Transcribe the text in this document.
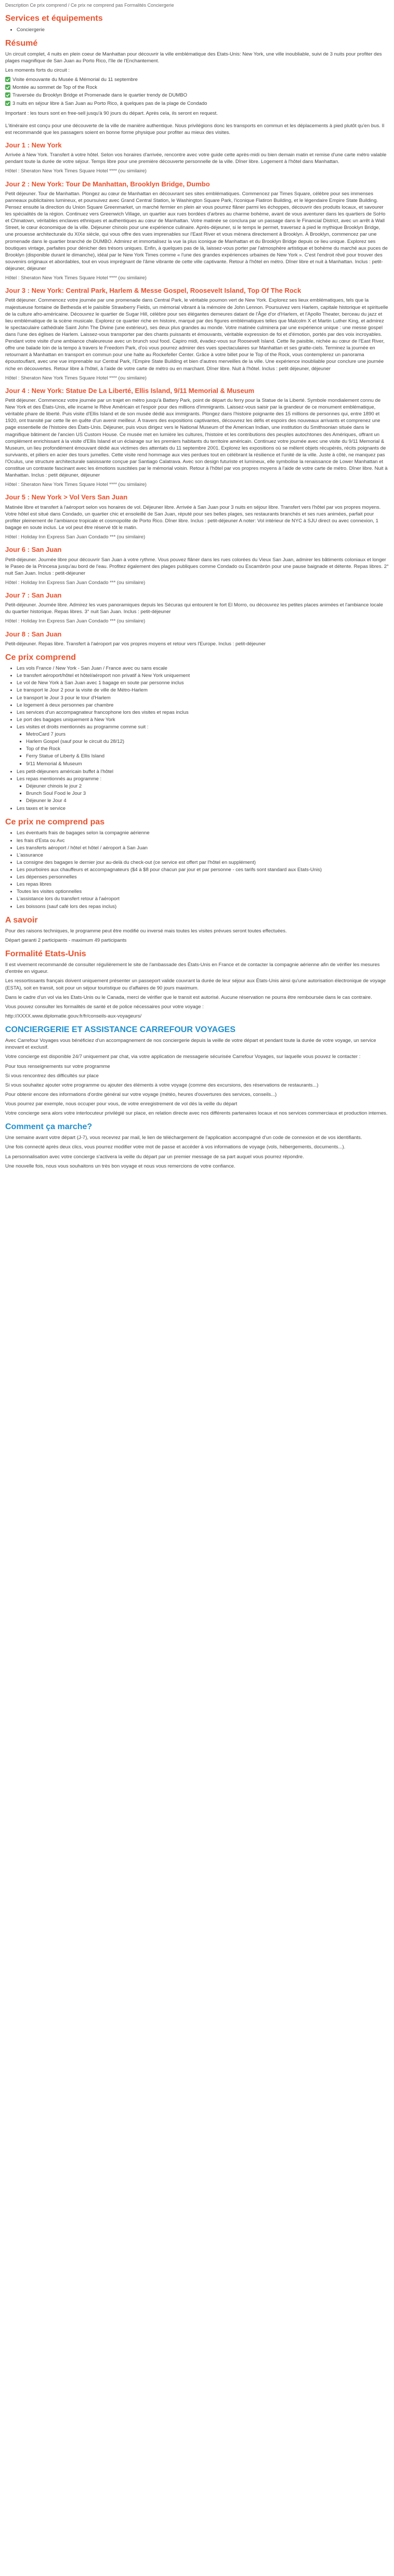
Description Ce prix comprend / Ce prix ne comprend pas Formalités Conciergerie

Services et équipements
• Conciergerie
Résumé

Un circuit complet, 4 nuits en plein coeur de Manhattan pour découvrir la ville emblématique des Etats-Unis: New York, une ville inoubliable, suivi de 3 nuits pour profiter des plages magnifique de San Juan au Porto Rico, l'île de l'Enchantement.

Les moments forts du circuit :

Visite émouvante du Musée & Mémorial du 11 septembre
Montée au sommet de Top of the Rock
Traversée du Brooklyn Bridge et Promenade dans le quartier trendy de DUMBO
3 nuits en séjour libre à San Juan au Porto Rico, à quelques pas de la plage de Condado

Important : les tours sont en free-sell jusqu'à 90 jours du départ. Après cela, ils seront en request.

L'itinéraire est conçu pour une découverte de la ville de manière authentique. Nous privilégions donc les transports en commun et les déplacements à pied plutôt qu'en bus. Il est recommandé que les passagers soient en bonne forme physique pour profiter au mieux des visites.

Jour 1 : New York

Arrivée à New York. Transfert à votre hôtel. Selon vos horaires d'arrivée, rencontre avec votre guide cette après-midi ou bien demain matin et remise d'une carte métro valable pendant toute la durée de votre séjour. Temps libre pour une première découverte personnelle de la ville. Dîner libre. Logement à l'hôtel dans Manhattan.

Hôtel : Sheraton New York Times Square Hotel **** (ou similaire)

Jour 2 : New York: Tour De Manhattan, Brooklyn Bridge, Dumbo

Petit déjeuner. Tour de Manhattan. Plongez au cœur de Manhattan en découvrant ses sites emblématiques. Commencez par Times Square, célèbre pour ses immenses panneaux publicitaires lumineux, et poursuivez avec Grand Central Station, le Washington Square Park, l'iconique Flatiron Building, et le légendaire Empire State Building. Pensez ensuite la direction du Union Square Greenmarket, un marché fermier en plein air vous pourrez flâner parmi les échoppes, découvrir des produits locaux, et savourer les spécialités de la région. Continuez vers Greenwich Village, un quartier aux rues bordées d'arbres au charme bohème, avant de vous aventurer dans les quartiers de SoHo et Chinatown, véritables enclaves ethniques et authentiques au cœur de Manhattan. Votre matinée se conclura par un passage dans le Financial District, avec un arrêt à Wall Street, le cœur économique de la ville. Déjeuner chinois pour une expérience culinaire. Après-déjeuner, si le temps le permet, traversez à pied le mythique Brooklyn Bridge, une prouesse architecturale du XIXe siècle, qui vous offre des vues imprenables sur l'East River et vous mènera directement à Brooklyn. À Brooklyn, commencez par une promenade dans le quartier branché de DUMBO. Admirez et immortalisez la vue la plus iconique de Manhattan et du Brooklyn Bridge depuis ce lieu unique. Explorez ses boutiques vintage, parfaites pour dénicher des trésors uniques. Enfin, à quelques pas de là, laissez-vous porter par l'atmosphère artistique et bohème du marché aux puces de Brooklyn (disponible durant le dimanche), idéal par le New York Times comme « l'une des grandes expériences urbaines de New York ». C'est l'endroit rêvé pour trouver des souvenirs originaux et abordables, tout en vous imprégnant de l'âme vibrante de cette ville captivante. Retour à l'hôtel en métro. Dîner libre et nuit à Manhattan. Inclus : petit-déjeuner, déjeuner

Hôtel : Sheraton New York Times Square Hotel **** (ou similaire)

Jour 3 : New York: Central Park, Harlem & Messe Gospel, Roosevelt Island, Top Of The Rock

Petit déjeuner. Commencez votre journée par une promenade dans Central Park, le véritable poumon vert de New York. Explorez ses lieux emblématiques, tels que la majestueuse fontaine de Bethesda et le paisible Strawberry Fields, un mémorial vibrant à la mémoire de John Lennon. Poursuivez vers Harlem, capitale historique et spirituelle de la culture afro-américaine. Découvrez le quartier de Sugar Hill, célèbre pour ses élégantes demeures datant de l'Âge d'or d'Harlem, et l'Apollo Theater, berceau du jazz et lieu emblématique de la scène musicale. Explorez ce quartier riche en histoire, marqué par des figures emblématiques telles que Malcolm X et Martin Luther King, et admirez le spectaculaire cathédrale Saint John The Divine (une extérieur), ses deux plus grandes au monde. Votre matinée culminera par une expérience unique : une messe gospel dans l'une des églises de Harlem. Laissez-vous transporter par des chants puissants et émouvants, véritable expression de foi et d'émotion, portés par des voix incroyables. Pendant votre visite d'une ambiance chaleureuse avec un brunch soul food. Capiro midi, évadez-vous sur Roosevelt Island. Cette île paisible, nichée au cœur de l'East River, offre une balade loin de la tempo à travers le Freedom Park, d'où vous pourrez admirer des vues spectaculaires sur Manhattan et ses gratte-ciels. Terminez la journée en retournant à Manhattan en transport en commun pour une halte au Rockefeller Center. Grâce à votre billet pour le Top of the Rock, vous contemplerez un panorama époustouflant, avec une vue imprenable sur Central Park, l'Empire State Building et bien d'autres merveilles de la ville. Une expérience inoubliable pour conclure une journée riche en découvertes. Retour libre à l'hôtel, à l'aide de votre carte de métro ou en marchant. Dîner libre. Nuit à l'hôtel. Inclus : petit déjeuner, déjeuner

Hôtel : Sheraton New York Times Square Hotel **** (ou similaire)

Jour 4 : New York: Statue De La Liberté, Ellis Island, 9/11 Memorial & Museum

Petit déjeuner. Commencez votre journée par un trajet en métro jusqu'à Battery Park, point de départ du ferry pour la Statue de la Liberté. Symbole mondialement connu de New York et des États-Unis, elle incarne le Rêve Américain et l'espoir pour des millions d'immigrants. Laissez-vous saisir par la grandeur de ce monument emblématique, véritable phare de liberté. Puis visite d'Ellis Island et de son musée dédié aux immigrants. Plongez dans l'histoire poignante des 15 millions de personnes qui, entre 1890 et 1920, ont transité par cette île en quête d'un avenir meilleur. À travers des expositions captivantes, découvrez les défis et espoirs des nouveaux arrivants et comprenez une page essentielle de l'histoire des États-Unis. Déjeuner, puis vous dirigez vers le National Museum of the American Indian, une institution du Smithsonian située dans le magnifique bâtiment de l'ancien US Custom House. Ce musée met en lumière les cultures, l'histoire et les contributions des peuples autochtones des Amériques, offrant un complément enrichissant à la visite d'Ellis Island et un éclairage sur les premiers habitants du territoire américain. Continuez votre journée avec une visite du 9/11 Memorial & Museum, un lieu profondément émouvant dédié aux victimes des attentats du 11 septembre 2001. Explorez les expositions où se mêlent objets récupérés, récits poignants de survivants, et piliers en acier des tours jumelles. Cette visite rend hommage aux vies perdues tout en célébrant la résilience et l'unité de la ville. Juste à côté, ne manquez pas l'Oculus, une structure architecturale saisissante conçue par Santiago Calatrava. Avec son design futuriste et lumineux, elle symbolise la renaissance de Lower Manhattan et constitue un contraste fascinant avec les émotions suscitées par le mémorial voisin. Retour à l'hôtel par vos propres moyens à l'aide de votre carte de métro. Dîner libre. Nuit à Manhattan. Inclus : petit déjeuner, déjeuner

Hôtel : Sheraton New York Times Square Hotel **** (ou similaire)

Jour 5 : New York > Vol Vers San Juan

Matinée libre et transfert à l'aéroport selon vos horaires de vol. Déjeuner libre. Arrivée à San Juan pour 3 nuits en séjour libre. Transfert vers l'hôtel par vos propres moyens. Votre hôtel est situé dans Condado, un quartier chic et ensoleillé de San Juan, réputé pour ses belles plages, ses restaurants branchés et ses rues animées, parfait pour profiter pleinement de l'ambiance tropicale et cosmopolite de Porto Rico. Dîner libre. Inclus : petit-déjeuner A noter: Vol intérieur de NYC à SJU direct ou avec connexion, 1 bagage en soute inclus. Le vol peut être réservé tôt le matin.

Hôtel : Holiday Inn Express San Juan Condado *** (ou similaire)

Jour 6 : San Juan

Petit-déjeuner. Journée libre pour découvrir San Juan à votre rythme. Vous pouvez flâner dans les rues colorées du Vieux San Juan, admirer les bâtiments coloniaux et longer le Paseo de la Princesa jusqu'au bord de l'eau. Profitez également des plages publiques comme Condado ou Escambrón pour une pause baignade et détente. Repas libres. 2° nuit San Juan. Inclus : petit-déjeuner

Hôtel : Holiday Inn Express San Juan Condado *** (ou similaire)

Jour 7 : San Juan

Petit-déjeuner. Journée libre. Admirez les vues panoramiques depuis les Sécuras qui entourent le fort El Morro, ou découvrez les petites places animées et l'ambiance locale du quartier historique. Repas libres. 3° nuit San Juan. Inclus : petit-déjeuner

Hôtel : Holiday Inn Express San Juan Condado *** (ou similaire)

Jour 8 : San Juan

Petit-déjeuner. Repas libre. Transfert à l'aéroport par vos propres moyens et retour vers l'Europe. Inclus : petit-déjeuner

Ce prix comprend
• Les vols France / New York - San Juan / France avec ou sans escale
• Le transfert aéroport/hôtel et hôtel/aéroport non privatif à New York uniquement
• Le vol de New York à San Juan avec 1 bagage en soute par personne inclus
• Le transport le Jour 2 pour la visite de ville de Métro-Harlem
• Le transport le Jour 3 pour le tour d'Harlem
• Le logement à deux personnes par chambre
• Les services d'un accompagnateur francophone lors des visites et repas inclus
• Le port des bagages uniquement à New York
• Les visites et droits mentionnés au programme comme suit :
▪ MetroCard 7 jours
▪ Harlem Gospel (sauf pour le circuit du 28/12)
▪ Top of the Rock
▪ Ferry Statue of Liberty & Ellis Island
▪ 9/11 Memorial & Museum
• Les petit-déjeuners américain buffet à l'hôtel
• Les repas mentionnés au programme :
▪ Déjeuner chinois le jour 2
▪ Brunch Soul Food le Jour 3
▪ Déjeuner le Jour 4
• Les taxes et le service
Ce prix ne comprend pas
• Les éventuels frais de bagages selon la compagnie aérienne
• les frais d'Esta ou Avc
• Les transferts aéroport / hôtel et hôtel / aéroport à San Juan
• L'assurance
• La consigne des bagages le dernier jour au-delà du check-out (ce service est offert par l'hôtel en supplément)
• Les pourboires aux chauffeurs et accompagnateurs ($4 à $8 pour chacun par jour et par personne - ces tarifs sont standard aux Etats-Unis)
• Les dépenses personnelles
• Les repas libres
• Toutes les visites optionnelles
• L'assistance lors du transfert retour à l'aéroport
• Les boissons (sauf café lors des repas inclus)
A savoir

Pour des raisons techniques, le programme peut être modifié ou inversé mais toutes les visites prévues seront toutes effectuées.

Départ garanti 2 participants - maximum 49 participants

Formalité Etats-Unis

Il est vivement recommandé de consulter régulièrement le site de l'ambassade des États-Unis en France et de contacter la compagnie aérienne afin de vérifier les mesures d'entrée en vigueur.

Les ressortissants français doivent uniquement présenter un passeport valide couvrant la durée de leur séjour aux États-Unis ainsi qu'une autorisation électronique de voyage (ESTA), soit en transit, soit pour un séjour touristique ou d'affaires de 90 jours maximum.

Dans le cadre d'un vol via les Etats-Unis ou le Canada, merci de vérifier que le transit est autorisé. Aucune réservation ne pourra être remboursée dans le cas contraire.

Vous pouvez consulter les formalités de santé et de police nécessaires pour votre voyage :

http://XXXX.www.diplomatie.gouv.fr/fr/conseils-aux-voyageurs/

CONCIERGERIE ET ASSISTANCE CARREFOUR VOYAGES

Avec Carrefour Voyages vous bénéficiez d'un accompagnement de nos conciergerie depuis la veille de votre départ et pendant toute la durée de votre voyage, un service innovant et exclusif.

Votre concierge est disponible 24/7 uniquement par chat, via votre application de messagerie sécurisée Carrefour Voyages, sur laquelle vous pouvez le contacter :

Pour tous renseignements sur votre programme

Si vous rencontrez des difficultés sur place

Si vous souhaitez ajouter votre programme ou ajouter des éléments à votre voyage (comme des excursions, des réservations de restaurants...)

Pour obtenir encore des informations d'ordre général sur votre voyage (météo, heures d'ouvertures des services, conseils...)

Vous pourrez par exemple, nous occuper pour vous, de votre enregistrement de vol dès la veille du départ

Votre concierge sera alors votre interlocuteur privilégié sur place, en relation directe avec nos différents partenaires locaux et nos services commerciaux et production internes.

Comment ça marche?

Une semaine avant votre départ (J-7), vous recevrez par mail, le lien de téléchargement de l'application accompagné d'un code de connexion et de vos identifiants.

Une fois connecté après deux clics, vous pourrez modifier votre mot de passe et accéder à vos informations de voyage (vols, hébergements, documents...).

La personnalisation avec votre concierge s'activera la veille du départ par un premier message de sa part auquel vous pourrez répondre.

Une nouvelle fois, nous vous souhaitons un très bon voyage et nous vous remercions de votre confiance.
